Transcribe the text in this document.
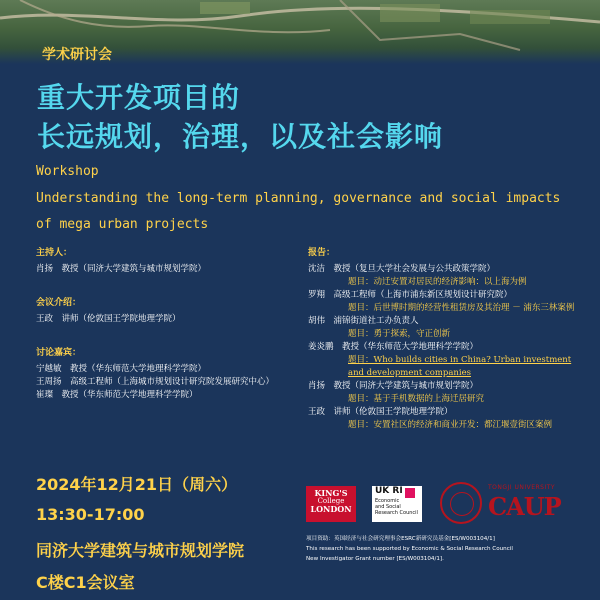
学术研讨会
重大开发项目的
长远规划，治理，以及社会影响
Workshop
Understanding the long-term planning, governance and social impacts
of mega urban projects
主持人：
肖扬　教授（同济大学建筑与城市规划学院）
会议介绍：
王政　讲师（伦敦国王学院地理学院）
讨论嘉宾：
宁越敏　教授（华东师范大学地理科学学院）
王周扬　高级工程师（上海城市规划设计研究院发展研究中心）
崔璨　教授（华东师范大学地理科学学院）
报告：
沈洁　教授（复旦大学社会发展与公共政策学院）
题目：动迁安置对居民的经济影响：以上海为例
罗翔　高级工程师（上海市浦东新区规划设计研究院）
题目：后世博时期的经营性租赁房及其治理 － 浦东三林案例
胡伟　浦锦街道社工办负责人
题目：勇于探索，守正创新
姜炎鹏　教授（华东师范大学地理科学学院）
题目：Who builds cities in China? Urban investment
and development companies
肖扬　教授（同济大学建筑与城市规划学院）
题目：基于手机数据的上海迁居研究
王政　讲师（伦敦国王学院地理学院）
题目：安置社区的经济和商业开发：都江堰壹街区案例
2024年12月21日（周六）
13:30-17:00
同济大学建筑与城市规划学院
C楼C1会议室
KING'S
College
LONDON
UK RI
Economic
and Social
Research Council
TONGJI UNIVERSITY
CAUP
项目资助：英国经济与社会研究理事会ESRC新研究员基金[ES/W003104/1]
This research has been supported by Economic & Social Research Council
New Investigator Grant number [ES/W003104/1].
